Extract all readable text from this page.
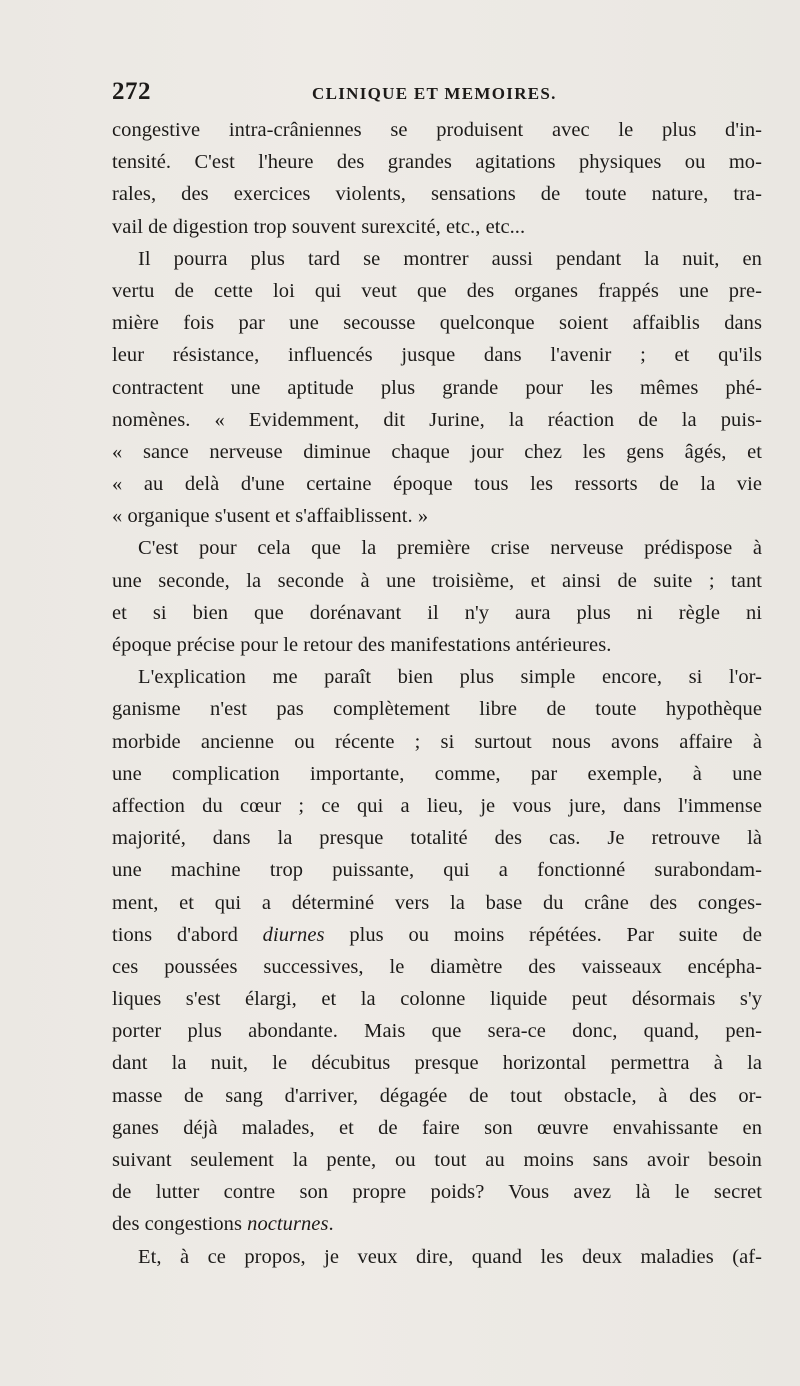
272	CLINIQUE ET MEMOIRES.
congestive intra-crâniennes se produisent avec le plus d'in-
tensité. C'est l'heure des grandes agitations physiques ou mo-
rales, des exercices violents, sensations de toute nature, tra-
vail de digestion trop souvent surexcité, etc., etc...
Il pourra plus tard se montrer aussi pendant la nuit, en
vertu de cette loi qui veut que des organes frappés une pre-
mière fois par une secousse quelconque soient affaiblis dans
leur résistance, influencés jusque dans l'avenir ; et qu'ils
contractent une aptitude plus grande pour les mêmes phé-
nomènes. « Evidemment, dit Jurine, la réaction de la puis-
« sance nerveuse diminue chaque jour chez les gens âgés, et
« au delà d'une certaine époque tous les ressorts de la vie
« organique s'usent et s'affaiblissent. »
C'est pour cela que la première crise nerveuse prédispose à
une seconde, la seconde à une troisième, et ainsi de suite ; tant
et si bien que dorénavant il n'y aura plus ni règle ni
époque précise pour le retour des manifestations antérieures.
L'explication me paraît bien plus simple encore, si l'or-
ganisme n'est pas complètement libre de toute hypothèque
morbide ancienne ou récente ; si surtout nous avons affaire à
une complication importante, comme, par exemple, à une
affection du cœur ; ce qui a lieu, je vous jure, dans l'immense
majorité, dans la presque totalité des cas. Je retrouve là
une machine trop puissante, qui a fonctionné surabondam-
ment, et qui a déterminé vers la base du crâne des conges-
tions d'abord diurnes plus ou moins répétées. Par suite de
ces poussées successives, le diamètre des vaisseaux encépha-
liques s'est élargi, et la colonne liquide peut désormais s'y
porter plus abondante. Mais que sera-ce donc, quand, pen-
dant la nuit, le décubitus presque horizontal permettra à la
masse de sang d'arriver, dégagée de tout obstacle, à des or-
ganes déjà malades, et de faire son œuvre envahissante en
suivant seulement la pente, ou tout au moins sans avoir besoin
de lutter contre son propre poids? Vous avez là le secret
des congestions nocturnes.
Et, à ce propos, je veux dire, quand les deux maladies (af-
